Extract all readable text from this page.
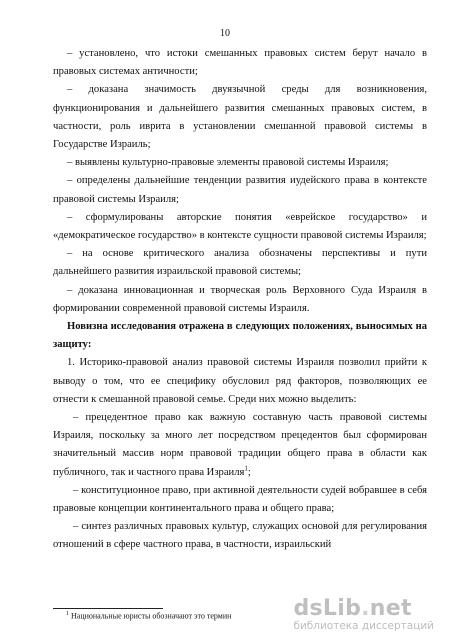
10

– установлено, что истоки смешанных правовых систем берут начало в правовых системах античности;

– доказана значимость двуязычной среды для возникновения, функционирования и дальнейшего развития смешанных правовых систем, в частности, роль иврита в установлении смешанной правовой системы в Государстве Израиль;

– выявлены культурно-правовые элементы правовой системы Израиля;

– определены дальнейшие тенденции развития иудейского права в контексте правовой системы Израиля;

– сформулированы авторские понятия «еврейское государство» и «демократическое государство» в контексте сущности правовой системы Израиля;

– на основе критического анализа обозначены перспективы и пути дальнейшего развития израильской правовой системы;

– доказана инновационная и творческая роль Верховного Суда Израиля в формировании современной правовой системы Израиля.

Новизна исследования отражена в следующих положениях, выносимых на защиту:

1. Историко-правовой анализ правовой системы Израиля позволил прийти к выводу о том, что ее специфику обусловил ряд факторов, позволяющих ее отнести к смешанной правовой семье. Среди них можно выделить:

– прецедентное право как важную составную часть правовой системы Израиля, поскольку за много лет посредством прецедентов был сформирован значительный массив норм правовой традиции общего права в области как публичного, так и частного права Израиля$^1$;

– конституционное право, при активной деятельности судей вобравшее в себя правовые концепции континентального права и общего права;

– синтез различных правовых культур, служащих основой для регулирования отношений в сфере частного права, в частности, израильский

$^1$ Национальные юристы обозначают это термин	dsLib.net
библиотека диссертаций
